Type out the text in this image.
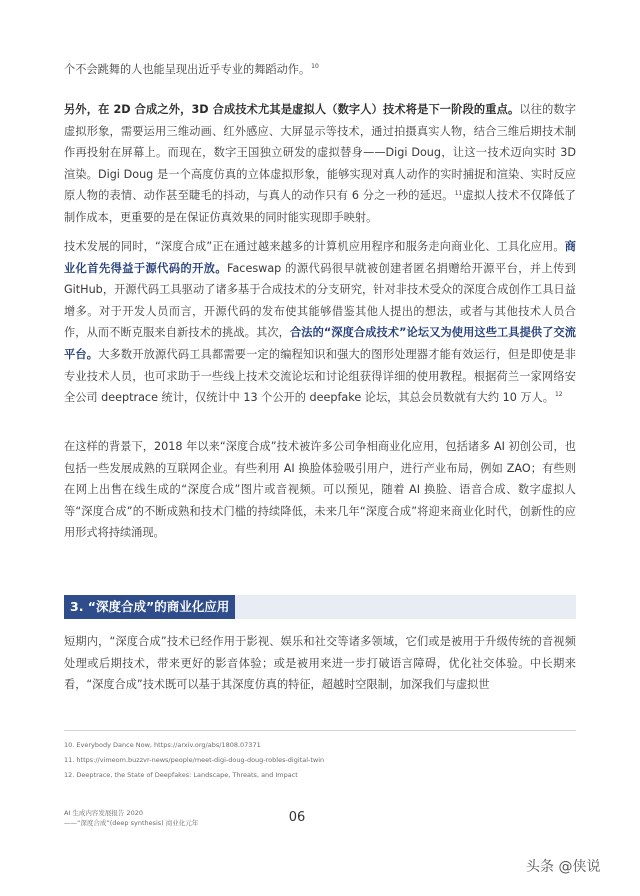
个不会跳舞的人也能呈现出近乎专业的舞蹈动作。$^{10}$
另外，在 2D 合成之外，3D 合成技术尤其是虚拟人（数字人）技术将是下一阶段的重点。以往的数字虚拟形象，需要运用三维动画、红外感应、大屏显示等技术，通过拍摄真实人物，结合三维后期技术制作再投射在屏幕上。而现在，数字王国独立研发的虚拟替身——Digi Doug，让这一技术迈向实时 3D 渲染。Digi Doug 是一个高度仿真的立体虚拟形象，能够实现对真人动作的实时捕捉和渲染、实时反应原人物的表情、动作甚至睫毛的抖动，与真人的动作只有 6 分之一秒的延迟。$^{11}$虚拟人技术不仅降低了制作成本，更重要的是在保证仿真效果的同时能实现即手映射。
技术发展的同时，“深度合成”正在通过越来越多的计算机应用程序和服务走向商业化、工具化应用。商业化首先得益于源代码的开放。Faceswap 的源代码很早就被创建者匿名捐赠给开源平台，并上传到 GitHub，开源代码工具驱动了诸多基于合成技术的分支研究，针对非技术受众的深度合成创作工具日益增多。对于开发人员而言，开源代码的发布使其能够借鉴其他人提出的想法，或者与其他技术人员合作，从而不断克服来自新技术的挑战。其次，合法的“深度合成技术”论坛又为使用这些工具提供了交流平台。大多数开放源代码工具都需要一定的编程知识和强大的图形处理器才能有效运行，但是即使是非专业技术人员，也可求助于一些线上技术交流论坛和讨论组获得详细的使用教程。根据荷兰一家网络安全公司 deeptrace 统计，仅统计中 13 个公开的 deepfake 论坛，其总会员数就有大约 10 万人。$^{12}$
在这样的背景下，2018 年以来“深度合成”技术被许多公司争相商业化应用，包括诸多 AI 初创公司，也包括一些发展成熟的互联网企业。有些利用 AI 换脸体验吸引用户，进行产业布局，例如 ZAO；有些则在网上出售在线生成的“深度合成”图片或音视频。可以预见，随着 AI 换脸、语音合成、数字虚拟人等“深度合成”的不断成熟和技术门槛的持续降低，未来几年“深度合成”将迎来商业化时代，创新性的应用形式将持续涌现。
3. “深度合成”的商业化应用
短期内，“深度合成”技术已经作用于影视、娱乐和社交等诸多领域，它们或是被用于升级传统的音视频处理或后期技术，带来更好的影音体验；或是被用来进一步打破语言障碍，优化社交体验。中长期来看，“深度合成”技术既可以基于其深度仿真的特征，超越时空限制，加深我们与虚拟世
10. Everybody Dance Now, https://arxiv.org/abs/1808.07371
11. https://vimeom.buzzvr-news/people/meet-digi-doug-doug-robles-digital-twin
12. Deeptrace, the State of Deepfakes: Landscape, Threats, and Impact
AI 生成内容发展报告 2020
——“深度合成”(deep synthesis) 商业化元年	06
头条 @侠说
